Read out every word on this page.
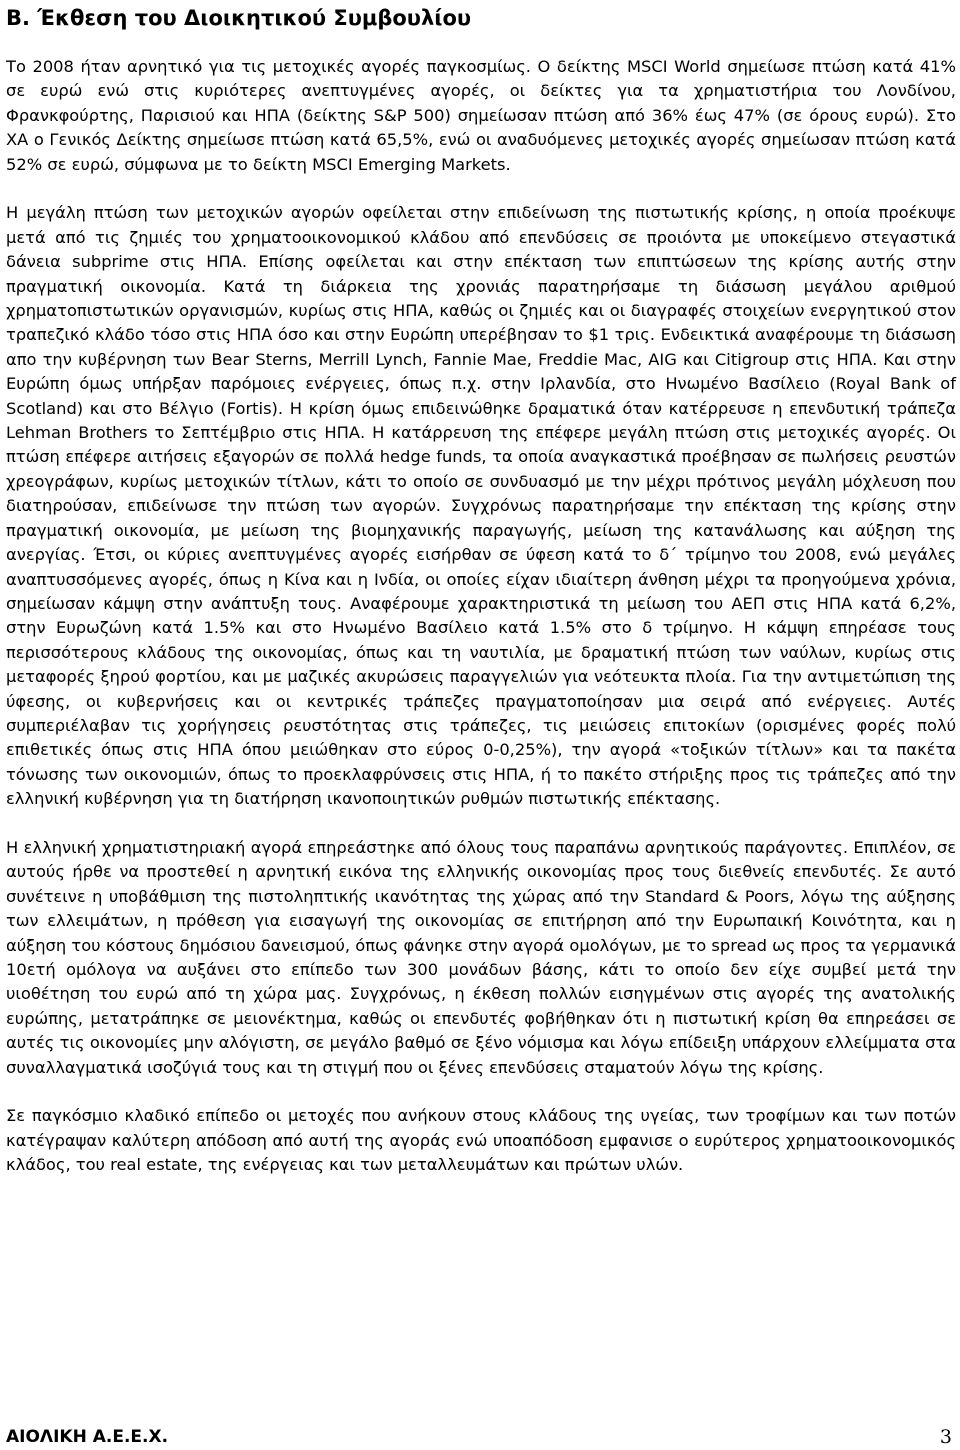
Β. Έκθεση του Διοικητικού Συμβουλίου

Το 2008 ήταν αρνητικό για τις μετοχικές αγορές παγκοσμίως. Ο δείκτης MSCI World σημείωσε πτώση κατά 41% σε ευρώ ενώ στις κυριότερες ανεπτυγμένες αγορές, οι δείκτες για τα χρηματιστήρια του Λονδίνου, Φρανκφούρτης, Παρισιού και ΗΠΑ (δείκτης S&P 500) σημείωσαν πτώση από 36% έως 47% (σε όρους ευρώ). Στο ΧΑ ο Γενικός Δείκτης σημείωσε πτώση κατά 65,5%, ενώ οι αναδυόμενες μετοχικές αγορές σημείωσαν πτώση κατά 52% σε ευρώ, σύμφωνα με το δείκτη MSCI Emerging Markets.

Η μεγάλη πτώση των μετοχικών αγορών οφείλεται στην επιδείνωση της πιστωτικής κρίσης, η οποία προέκυψε μετά από τις ζημιές του χρηματοοικονομικού κλάδου από επενδύσεις σε προιόντα με υποκείμενο στεγαστικά δάνεια subprime στις ΗΠΑ. Επίσης οφείλεται και στην επέκταση των επιπτώσεων της κρίσης αυτής στην πραγματική οικονομία. Κατά τη διάρκεια της χρονιάς παρατηρήσαμε τη διάσωση μεγάλου αριθμού χρηματοπιστωτικών οργανισμών, κυρίως στις ΗΠΑ, καθώς οι ζημιές και οι διαγραφές στοιχείων ενεργητικού στον τραπεζικό κλάδο τόσο στις ΗΠΑ όσο και στην Ευρώπη υπερέβησαν το $1 τρις. Ενδεικτικά αναφέρουμε τη διάσωση απο την κυβέρνηση των Bear Sterns, Merrill Lynch, Fannie Mae, Freddie Mac, AIG και Citigroup στις ΗΠΑ. Και στην Ευρώπη όμως υπήρξαν παρόμοιες ενέργειες, όπως π.χ. στην Ιρλανδία, στο Ηνωμένο Βασίλειο (Royal Bank of Scotland) και στο Βέλγιο (Fortis). Η κρίση όμως επιδεινώθηκε δραματικά όταν κατέρρευσε η επενδυτική τράπεζα Lehman Brothers το Σεπτέμβριο στις ΗΠΑ. Η κατάρρευση της επέφερε μεγάλη πτώση στις μετοχικές αγορές. Οι πτώση επέφερε αιτήσεις εξαγορών σε πολλά hedge funds, τα οποία αναγκαστικά προέβησαν σε πωλήσεις ρευστών χρεογράφων, κυρίως μετοχικών τίτλων, κάτι το οποίο σε συνδυασμό με την μέχρι πρότινος μεγάλη μόχλευση που διατηρούσαν, επιδείνωσε την πτώση των αγορών. Συγχρόνως παρατηρήσαμε την επέκταση της κρίσης στην πραγματική οικονομία, με μείωση της βιομηχανικής παραγωγής, μείωση της κατανάλωσης και αύξηση της ανεργίας. Έτσι, οι κύριες ανεπτυγμένες αγορές εισήρθαν σε ύφεση κατά το δ΄ τρίμηνο του 2008, ενώ μεγάλες αναπτυσσόμενες αγορές, όπως η Κίνα και η Ινδία, οι οποίες είχαν ιδιαίτερη άνθηση μέχρι τα προηγούμενα χρόνια, σημείωσαν κάμψη στην ανάπτυξη τους. Αναφέρουμε χαρακτηριστικά τη μείωση του ΑΕΠ στις ΗΠΑ κατά 6,2%, στην Ευρωζώνη κατά 1.5% και στο Ηνωμένο Βασίλειο κατά 1.5% στο δ τρίμηνο. Η κάμψη επηρέασε τους περισσότερους κλάδους της οικονομίας, όπως και τη ναυτιλία, με δραματική πτώση των ναύλων, κυρίως στις μεταφορές ξηρού φορτίου, και με μαζικές ακυρώσεις παραγγελιών για νεότευκτα πλοία. Για την αντιμετώπιση της ύφεσης, οι κυβερνήσεις και οι κεντρικές τράπεζες πραγματοποίησαν μια σειρά από ενέργειες. Αυτές συμπεριέλαβαν τις χορήγησεις ρευστότητας στις τράπεζες, τις μειώσεις επιτοκίων (ορισμένες φορές πολύ επιθετικές όπως στις ΗΠΑ όπου μειώθηκαν στο εύρος 0-0,25%), την αγορά «τοξικών τίτλων» και τα πακέτα τόνωσης των οικονομιών, όπως το προεκλαφρύνσεις στις ΗΠΑ, ή το πακέτο στήριξης προς τις τράπεζες από την ελληνική κυβέρνηση για τη διατήρηση ικανοποιητικών ρυθμών πιστωτικής επέκτασης.

Η ελληνική χρηματιστηριακή αγορά επηρεάστηκε από όλους τους παραπάνω αρνητικούς παράγοντες. Επιπλέον, σε αυτούς ήρθε να προστεθεί η αρνητική εικόνα της ελληνικής οικονομίας προς τους διεθνείς επενδυτές. Σε αυτό συνέτεινε η υποβάθμιση της πιστοληπτικής ικανότητας της χώρας από την Standard & Poors, λόγω της αύξησης των ελλειμάτων, η πρόθεση για εισαγωγή της οικονομίας σε επιτήρηση από την Ευρωπαική Κοινότητα, και η αύξηση του κόστους δημόσιου δανεισμού, όπως φάνηκε στην αγορά ομολόγων, με το spread ως προς τα γερμανικά 10ετή ομόλογα να αυξάνει στο επίπεδο των 300 μονάδων βάσης, κάτι το οποίο δεν είχε συμβεί μετά την υιοθέτηση του ευρώ από τη χώρα μας. Συγχρόνως, η έκθεση πολλών εισηγμένων στις αγορές της ανατολικής ευρώπης, μετατράπηκε σε μειονέκτημα, καθώς οι επενδυτές φοβήθηκαν ότι η πιστωτική κρίση θα επηρεάσει σε αυτές τις οικονομίες μην αλόγιστη, σε μεγάλο βαθμό σε ξένο νόμισμα και λόγω επίδειξη υπάρχουν ελλείμματα στα συναλλαγματικά ισοζύγιά τους και τη στιγμή που οι ξένες επενδύσεις σταματούν λόγω της κρίσης.

Σε παγκόσμιο κλαδικό επίπεδο οι μετοχές που ανήκουν στους κλάδους της υγείας, των τροφίμων και των ποτών κατέγραψαν καλύτερη απόδοση από αυτή της αγοράς ενώ υποαπόδοση εμφανισε ο ευρύτερος χρηματοοικονομικός κλάδος, του real estate, της ενέργειας και των μεταλλευμάτων και πρώτων υλών.

ΑΙΟΛΙΚΗ Α.Ε.Ε.Χ.	3
